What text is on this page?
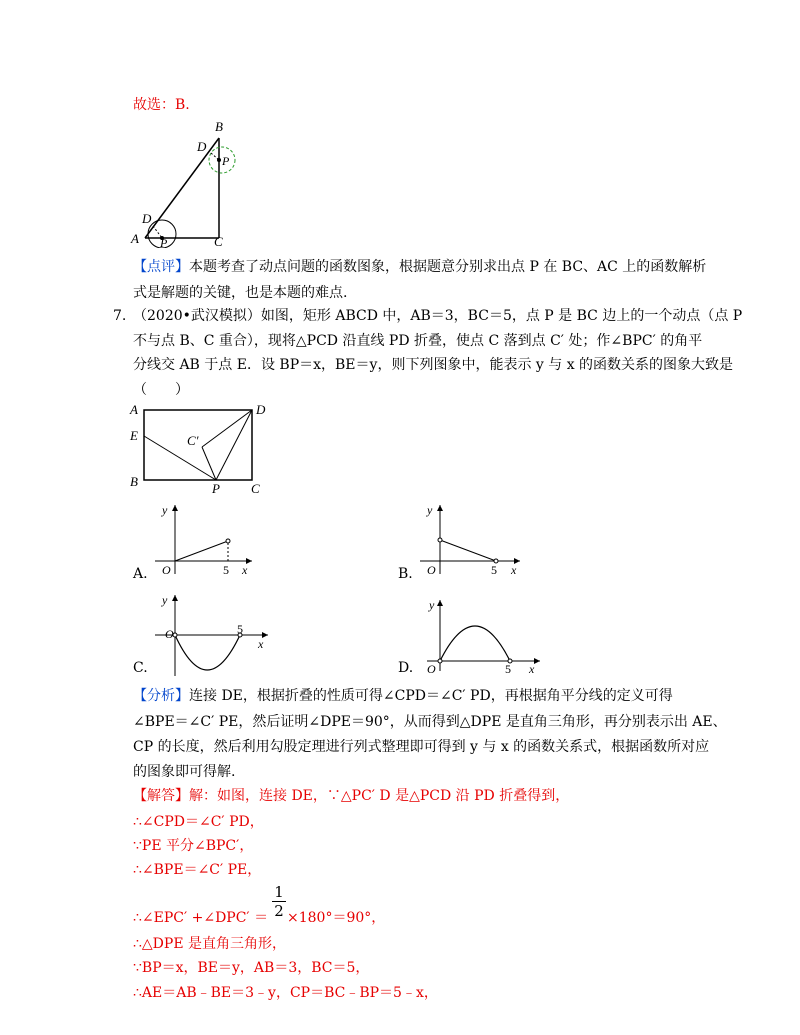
故选：B.
B
D
P
D
A P	C
【点评】本题考查了动点问题的函数图象，根据题意分别求出点 P 在 BC、AC 上的函数解析
式是解题的关键，也是本题的难点.
7. （2020•武汉模拟）如图，矩形 ABCD 中，AB＝3，BC＝5，点 P 是 BC 边上的一个动点（点 P
不与点 B、C 重合），现将△PCD 沿直线 PD 折叠，使点 C 落到点 C′ 处；作∠BPC′ 的角平
分线交 AB 于点 E．设 BP＝x，BE＝y，则下列图象中，能表示 y 与 x 的函数关系的图象大致是
（　　）
A	D
E	C′
B	P C
A.
y
O	5 x	B.
y
O	5 x
C.
y
O	5
x
D.
y
O	5 x
【分析】连接 DE，根据折叠的性质可得∠CPD＝∠C′ PD，再根据角平分线的定义可得
∠BPE＝∠C′ PE，然后证明∠DPE＝90°，从而得到△DPE 是直角三角形，再分别表示出 AE、
CP 的长度，然后利用勾股定理进行列式整理即可得到 y 与 x 的函数关系式，根据函数所对应
的图象即可得解.
【解答】解：如图，连接 DE，∵△PC′ D 是△PCD 沿 PD 折叠得到，
∴∠CPD＝∠C′ PD，
∵PE 平分∠BPC′，
∴∠BPE＝∠C′ PE，
∴∠EPC′ +∠DPC′ ＝
1
2 ×180°＝90°，
∴△DPE 是直角三角形，
∵BP＝x，BE＝y，AB＝3，BC＝5，
∴AE＝AB﹣BE＝3﹣y，CP＝BC﹣BP＝5﹣x，
